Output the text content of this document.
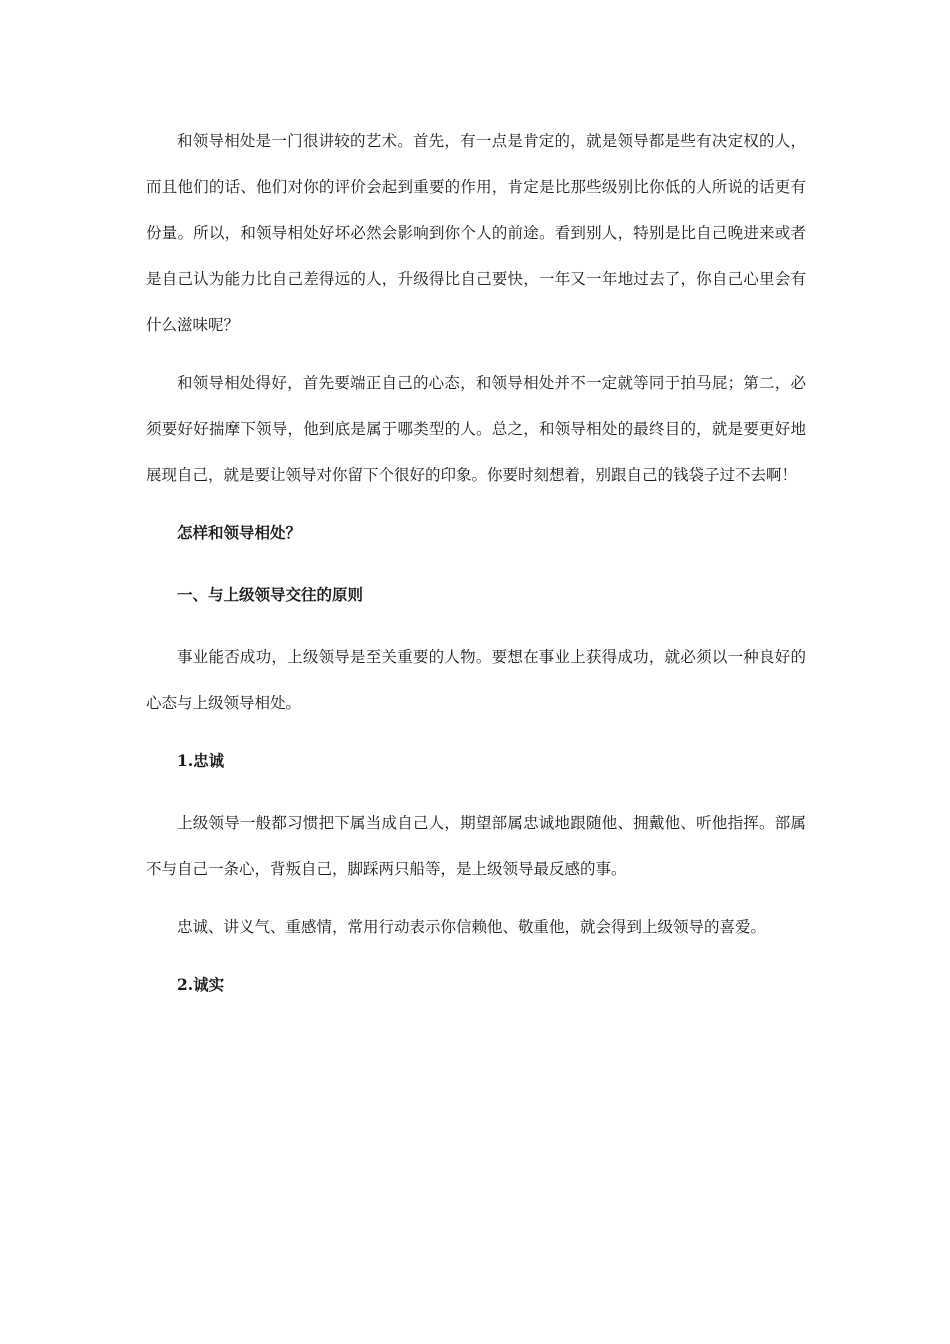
和领导相处是一门很讲较的艺术。首先，有一点是肯定的，就是领导都是些有决定权的人，而且他们的话、他们对你的评价会起到重要的作用，肯定是比那些级别比你低的人所说的话更有份量。所以，和领导相处好坏必然会影响到你个人的前途。看到别人，特别是比自己晚进来或者是自己认为能力比自己差得远的人，升级得比自己要快，一年又一年地过去了，你自己心里会有什么滋味呢？

和领导相处得好，首先要端正自己的心态，和领导相处并不一定就等同于拍马屁；第二，必须要好好揣摩下领导，他到底是属于哪类型的人。总之，和领导相处的最终目的，就是要更好地展现自己，就是要让领导对你留下个很好的印象。你要时刻想着，别跟自己的钱袋子过不去啊！

怎样和领导相处？
一、与上级领导交往的原则

事业能否成功，上级领导是至关重要的人物。要想在事业上获得成功，就必须以一种良好的心态与上级领导相处。

1.忠诚

上级领导一般都习惯把下属当成自己人，期望部属忠诚地跟随他、拥戴他、听他指挥。部属不与自己一条心，背叛自己，脚踩两只船等，是上级领导最反感的事。

忠诚、讲义气、重感情，常用行动表示你信赖他、敬重他，就会得到上级领导的喜爱。

2.诚实
